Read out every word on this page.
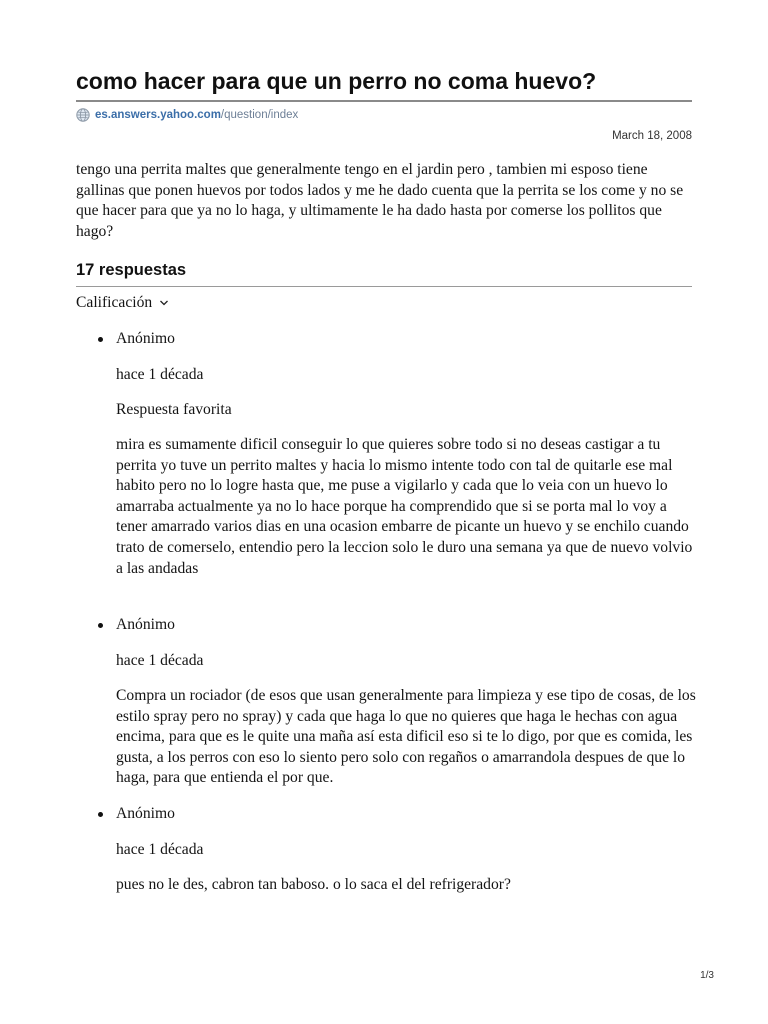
como hacer para que un perro no coma huevo?
es.answers.yahoo.com /question/index
March 18, 2008

tengo una perrita maltes que generalmente tengo en el jardin pero , tambien mi esposo tiene gallinas que ponen huevos por todos lados y me he dado cuenta que la perrita se los come y no se que hacer para que ya no lo haga, y ultimamente le ha dado hasta por comerse los pollitos que hago?

17 respuestas
Calificación

Anónimo

hace 1 década

Respuesta favorita

mira es sumamente dificil conseguir lo que quieres sobre todo si no deseas castigar a tu perrita yo tuve un perrito maltes y hacia lo mismo intente todo con tal de quitarle ese mal habito pero no lo logre hasta que, me puse a vigilarlo y cada que lo veia con un huevo lo amarraba actualmente ya no lo hace porque ha comprendido que si se porta mal lo voy a tener amarrado varios dias en una ocasion embarre de picante un huevo y se enchilo cuando trato de comerselo, entendio pero la leccion solo le duro una semana ya que de nuevo volvio a las andadas

Anónimo

hace 1 década

Compra un rociador (de esos que usan generalmente para limpieza y ese tipo de cosas, de los estilo spray pero no spray) y cada que haga lo que no quieres que haga le hechas con agua encima, para que es le quite una maña así esta dificil eso si te lo digo, por que es comida, les gusta, a los perros con eso lo siento pero solo con regaños o amarrandola despues de que lo haga, para que entienda el por que.

Anónimo

hace 1 década

pues no le des, cabron tan baboso. o lo saca el del refrigerador?

1/3
